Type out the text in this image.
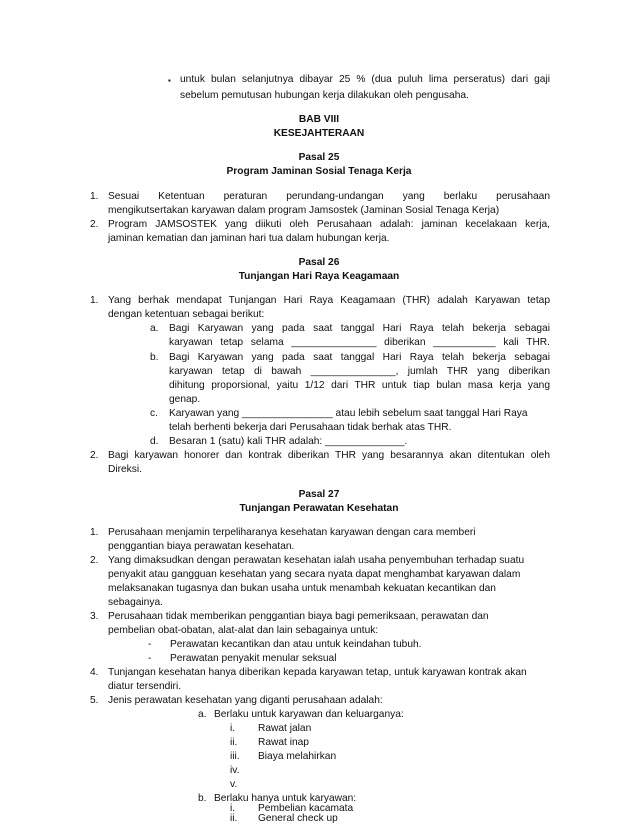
▪ untuk bulan selanjutnya dibayar 25 % (dua puluh lima perseratus) dari gaji
sebelum pemutusan hubungan kerja dilakukan oleh pengusaha.
BAB VIII
KESEJAHTERAAN
Pasal 25
Program Jaminan Sosial Tenaga Kerja
1. Sesuai Ketentuan peraturan perundang-undangan yang berlaku perusahaan
mengikutsertakan karyawan dalam program Jamsostek (Jaminan Sosial Tenaga Kerja)
2. Program JAMSOSTEK yang diikuti oleh Perusahaan adalah: jaminan kecelakaan kerja,
jaminan kematian dan jaminan hari tua dalam hubungan kerja.
Pasal 26
Tunjangan Hari Raya Keagamaan
1. Yang berhak mendapat Tunjangan Hari Raya Keagamaan (THR) adalah Karyawan tetap
dengan ketentuan sebagai berikut:
a. Bagi Karyawan yang pada saat tanggal Hari Raya telah bekerja sebagai
karyawan tetap selama _______________ diberikan ___________ kali THR.
b. Bagi Karyawan yang pada saat tanggal Hari Raya telah bekerja sebagai
karyawan tetap di bawah _______________, jumlah THR yang diberikan
dihitung proporsional, yaitu 1/12 dari THR untuk tiap bulan masa kerja yang
genap.
c. Karyawan yang ________________ atau lebih sebelum saat tanggal Hari Raya
telah berhenti bekerja dari Perusahaan tidak berhak atas THR.
d. Besaran 1 (satu) kali THR adalah: ______________.
2. Bagi karyawan honorer dan kontrak diberikan THR yang besarannya akan ditentukan oleh
Direksi.
Pasal 27
Tunjangan Perawatan Kesehatan
1. Perusahaan menjamin terpeliharanya kesehatan karyawan dengan cara memberi
penggantian biaya perawatan kesehatan.
2. Yang dimaksudkan dengan perawatan kesehatan ialah usaha penyembuhan terhadap suatu
penyakit atau gangguan kesehatan yang secara nyata dapat menghambat karyawan dalam
melaksanakan tugasnya dan bukan usaha untuk menambah kekuatan kecantikan dan
sebagainya.
3. Perusahaan tidak memberikan penggantian biaya bagi pemeriksaan, perawatan dan
pembelian obat-obatan, alat-alat dan lain sebagainya untuk:
- Perawatan kecantikan dan atau untuk keindahan tubuh.
- Perawatan penyakit menular seksual
4. Tunjangan kesehatan hanya diberikan kepada karyawan tetap, untuk karyawan kontrak akan
diatur tersendiri.
5. Jenis perawatan kesehatan yang diganti perusahaan adalah:
a. Berlaku untuk karyawan dan keluarganya:
i. Rawat jalan
ii. Rawat inap
iii. Biaya melahirkan
iv.
v.
b. Berlaku hanya untuk karyawan:
i. Pembelian kacamata
ii. General check up
